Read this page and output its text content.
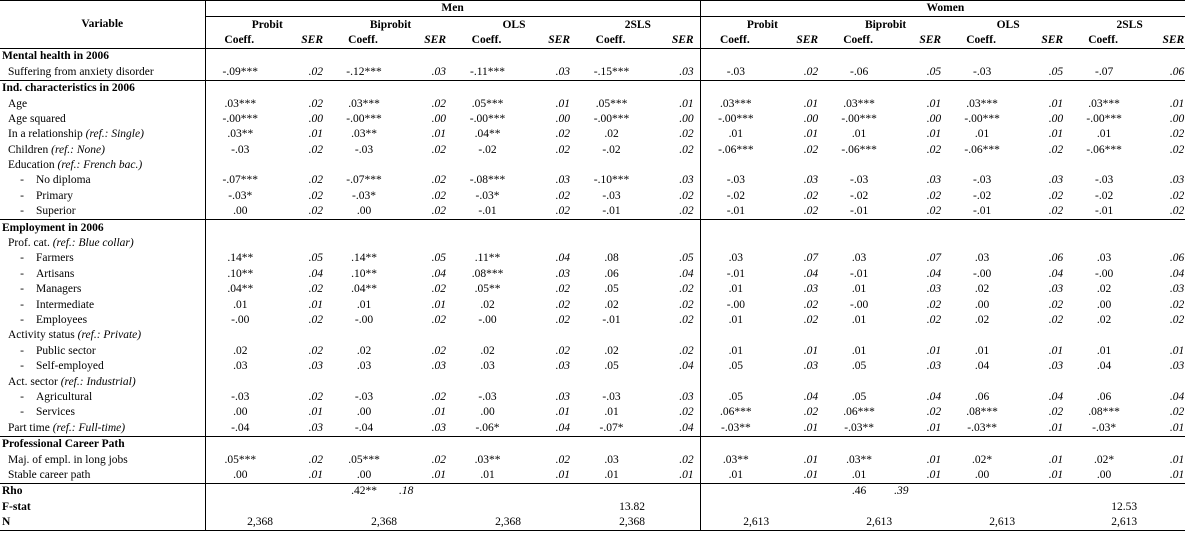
Variable	Men								Women							
	Probit		Biprobit		OLS		2SLS		Probit		Biprobit		OLS		2SLS	
	Coeff.	SER	Coeff.	SER	Coeff.	SER	Coeff.	SER	Coeff.	SER	Coeff.	SER	Coeff.	SER	Coeff.	SER
Mental health in 2006																
Suffering from anxiety disorder	-.09***	.02	-.12***	.03	-.11***	.03	-.15***	.03	-.03	.02	-.06	.05	-.03	.05	-.07	.06
Ind. characteristics in 2006																
Age	.03***	.02	.03***	.02	.05***	.01	.05***	.01	.03***	.01	.03***	.01	.03***	.01	.03***	.01
Age squared	-.00***	.00	-.00***	.00	-.00***	.00	-.00***	.00	-.00***	.00	-.00***	.00	-.00***	.00	-.00***	.00
In a relationship (ref.: Single)	.03**	.01	.03**	.01	.04**	.02	.02	.02	.01	.01	.01	.01	.01	.01	.01	.02
Children (ref.: None)	-.03	.02	-.03	.02	-.02	.02	-.02	.02	-.06***	.02	-.06***	.02	-.06***	.02	-.06***	.02
Education (ref.: French bac.)																
- No diploma	-.07***	.02	-.07***	.02	-.08***	.03	-.10***	.03	-.03	.03	-.03	.03	-.03	.03	-.03	.03
- Primary	-.03*	.02	-.03*	.02	-.03*	.02	-.03	.02	-.02	.02	-.02	.02	-.02	.02	-.02	.02
- Superior	.00	.02	.00	.02	-.01	.02	-.01	.02	-.01	.02	-.01	.02	-.01	.02	-.01	.02
Employment in 2006																
Prof. cat. (ref.: Blue collar)																
- Farmers	.14**	.05	.14**	.05	.11**	.04	.08	.05	.03	.07	.03	.07	.03	.06	.03	.06
- Artisans	.10**	.04	.10**	.04	.08***	.03	.06	.04	-.01	.04	-.01	.04	-.00	.04	-.00	.04
- Managers	.04**	.02	.04**	.02	.05**	.02	.05	.02	.01	.03	.01	.03	.02	.03	.02	.03
- Intermediate	.01	.01	.01	.01	.02	.02	.02	.02	-.00	.02	-.00	.02	.00	.02	.00	.02
- Employees	-.00	.02	-.00	.02	-.00	.02	-.01	.02	.01	.02	.01	.02	.02	.02	.02	.02
Activity status (ref.: Private)																
- Public sector	.02	.02	.02	.02	.02	.02	.02	.02	.01	.01	.01	.01	.01	.01	.01	.01
- Self-employed	.03	.03	.03	.03	.03	.03	.05	.04	.05	.03	.05	.03	.04	.03	.04	.03
Act. sector (ref.: Industrial)																
- Agricultural	-.03	.02	-.03	.02	-.03	.03	-.03	.03	.05	.04	.05	.04	.06	.04	.06	.04
- Services	.00	.01	.00	.01	.00	.01	.01	.02	.06***	.02	.06***	.02	.08***	.02	.08***	.02
Part time (ref.: Full-time)	-.04	.03	-.04	.03	-.06*	.04	-.07*	.04	-.03**	.01	-.03**	.01	-.03**	.01	-.03*	.01
Professional Career Path																
Maj. of empl. in long jobs	.05***	.02	.05***	.02	.03**	.02	.03	.02	.03**	.01	.03**	.01	.02*	.01	.02*	.01
Stable career path	.00	.01	.00	.01	.01	.01	.01	.01	.01	.01	.01	.01	.00	.01	.00	.01
Rho			.42**	.18							.46	.39				
F-stat							13.82								12.53	
N	2,368		2,368		2,368		2,368		2,613		2,613		2,613		2,613	
